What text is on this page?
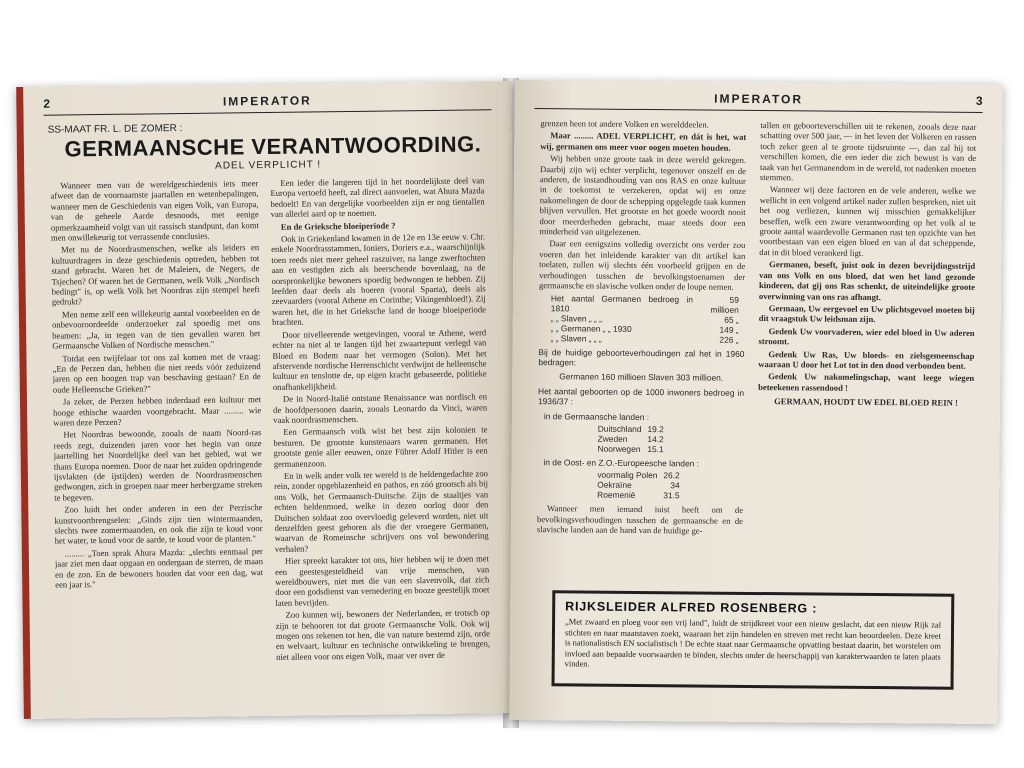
2	IMPERATOR
SS-MAAT FR. L. DE ZOMER :
GERMAANSCHE VERANTWOORDING.
ADEL VERPLICHT !

Wanneer men van de wereldgeschiedenis iets meer afweet dan de voornaamste jaartallen en wetenbepalingen, wanneer men de Geschiedenis van eigen Volk, van Europa, van de geheele Aarde desnoods, met eenige opmerkzaamheid volgt van uit rassisch standpunt, dan komt men onwillekeurig tot verrassende conclusies.

Met nu de Noordrasmenschen, welke als leiders en kultuurdragers in deze geschiedenis optreden, hebben tot stand gebracht. Waren het de Maleiers, de Negers, de Tsjechen? Of waren het de Germanen, welk Volk „Nordisch bedingt" is, op welk Volk het Noordras zijn stempel heeft gedrukt?

Men neme zelf een willekeurig aantal voorbeelden en de onbevooroordeelde onderzoeker zal spoedig met ons beamen: „Ja, in tegen van de tien gevallen waren het Germaansche Volken of Nordische menschen."

Totdat een twijfelaar tot ons zal komen met de vraag: „En de Perzen dan, hebben die niet reeds vóór zeduizend jaren op een hoogen trap van beschaving gestaan? En de oude Helleensche Grieken?"

Ja zeker, de Perzen hebben inderdaad een kultuur met hooge ethische waarden voortgebracht. Maar ......... wie waren deze Perzen?

Het Noordras bewoonde, zooals de naam Noord-ras reeds zegt, duizenden jaren voor het begin van onze jaartelling het Noordelijke deel van het gebied, wat we thans Europa noemen. Door de naar het zuiden opdringende ijsvlakten (de ijstijden) werden de Noordrasmenschen gedwongen, zich in groepen naar meer herbergzame streken te begeven.

Zoo luidt het onder anderen in een der Perzische kunstvoortbrengselen: „Ginds zijn tien wintermaanden, slechts twee zomermaanden, en ook die zijn te koud voor het water, te koud voor de aarde, te koud voor de planten."

......... „Toen sprak Ahura Mazda: „slechts eenmaal per jaar ziet men daar opgaan en ondergaan de sterren, de maan en de zon. En de bewoners houden dat voor een dag, wat een jaar is."

Een ieder die langeren tijd in het noordelijkste deel van Europa vertoefd heeft, zal direct aanvoelen, wat Ahura Mazda bedoelt! En van dergelijke voorbeelden zijn er nog tientallen van allerlei aard op te noemen.

En de Grieksche bloeiperiode ?

Ook in Griekenland kwamen in de 12e en 13e eeuw v. Chr. enkele Noordrasstammen, Ioniers, Doriers e.a., waarschijnlijk toen reeds niet meer geheel raszuiver, na lange zwerftochten aan en vestigden zich als heerschende bovenlaag, na de oorspronkelijke bewoners spoedig bedwongen te hebben. Zij leefden daar deels als boeren (vooral Sparta), deels als zeevaarders (vooral Athene en Corinthe; Vikingenbloed!). Zij waren het, die in het Grieksche land de hooge bloeiperiode brachten.

Door nivelleerende wetgevingen, vooral te Athene, werd echter na niet al te langen tijd het zwaartepunt verlegd van Bloed en Bodem naar het vermogen (Solon). Met het afstervende nordische Herrenschicht verdwijnt de helleensche kultuur en tenslotte de, op eigen kracht gebaseerde, politieke onafhankelijkheid.

De in Noord-Italië ontstane Renaissance was nordisch en de hoofdpersonen daarin, zooals Leonardo da Vinci, waren vaak noordrasmenschen.

Een Germaansch volk wist het best zijn kolonien te besturen. De grootste kunstenaars waren germanen. Het grootste genie aller eeuwen, onze Führer Adolf Hitler is een germanenzoon.

En in welk ander volk ter wereld is de heldengedachte zoo rein, zonder opgeblazenheid en pathos, en zóó grootsch als bij ons Volk, het Germaansch-Duitsche. Zijn de staaltjes van echten heldenmoed, welke in dezen oorlog door den Duitschen soldaat zoo overvloedig geleverd worden, niet uit denzelfden geest geboren als die der vroegere Germanen, waarvan de Romeinsche schrijvers ons vol bewondering verhalen?

Hier spreekt karakter tot ons, hier hebben wij te doen met een geestesgesteldheid van vrije menschen, van wereldbouwers, niet met die van een slavenvolk, dat zich door een godsdienst van vernedering en booze geestelijk moet laten bevrijden.

Zoo kunnen wij, bewoners der Nederlanden, er trotsch op zijn te behooren tot dat groote Germaansche Volk. Ook wij mogen ons rekenen tot hen, die van nature bestemd zijn, orde en welvaart, kultuur en technische ontwikkeling te brengen, niet alleen voor ons eigen Volk, maar ver over de

IMPERATOR	3

grenzen heen tot andere Volken en werelddeelen.

Maar ......... ADEL VERPLICHT, en dát is het, wat wij, germanen ons meer voor oogen moeten houden.

Wij hebben onze groote taak in deze wereld gekregen. Daarbij zijn wij echter verplicht, tegenover onszelf en de anderen, de instandhouding van ons RAS en onze kultuur in de toekomst te verzekeren, opdat wij en onze nakomelingen de door de schepping opgelegde taak kunnen blijven vervullen. Het grootste en het goede woordt nooit door meerderheden gebracht, maar steeds door een minderheid van uitgelezenen.

Daar een eenigszins volledig overzicht ons verder zou voeren dan het inleidende karakter van dit artikel kan toelaten, zullen wij slechts één voorbeeld grijpen en de verhoudingen tusschen de bevolkingstoenamen der germaansche en slavische volken onder de loupe nemen.

Het aantal Germanen bedroeg in 1810	59 millioen
„ „ Slaven „ „ „	65 „
„ „ Germanen „ „ 1930	149 „
„ „ Slaven „ „ „	226 „

Bij de huidige geboorteverhoudingen zal het in 1960 bedragen:

Germanen 160 millioen Slaven 303 millioen.

Het aantal geboorten op de 1000 inwoners bedroeg in 1936/37 :

in de Germaansche landen :

Duitschland	19.2
Zweden	14.2
Noorwegen	15.1

in de Oost- en Z.O.-Europeesche landen :

voormalig Polen	26.2
Oekraïne	34
Roemenië	31.5

Wanneer men iemand iuist heeft om de bevolkingsverhoudingen tusschen de germaansche en de slavische landen aan de hand van de huidige ge-

tallen en geboorteverschillen uit te rekenen, zooals deze naar schatting over 500 jaar, — in het leven der Volkeren en rassen toch zeker geen al te groote tijdsruimte —, dan zal hij tot verschillen komen, die een ieder die zich bewust is van de taak van het Germanendom in de wereld, tot nadenken moeten stemmen.

Wanneer wij deze factoren en de vele anderen, welke we wellicht in een volgend artikel nader zullen bespreken, niet uit het oog verliezen, kunnen wij misschien gemakkelijker beseffen, welk een zware verantwoording op het volk al te groote aantal waardevolle Germanen rust ten opzichte van het voortbestaan van een eigen bloed en van al dat scheppende, dat in dit bloed verankerd ligt.

Germanen, beseft, juist ook in dezen bevrijdingsstrijd van ons Volk en ons bloed, dat wen het land gezonde kinderen, dat gij ons Ras schenkt, de uiteindelijke groote overwinning van ons ras afhangt.

Germaan, Uw eergevoel en Uw plichtsgevoel moeten bij dit vraagstuk Uw leidsman zijn.

Gedenk Uw voorvaderen, wier edel bloed in Uw aderen stroomt.

Gedenk Uw Ras, Uw bloeds- en zielsgemeenschap waaraan U door het Lot tot in den dood verbonden bent.

Gedenk Uw nakomelingschap, want leege wiegen beteekenen rassendood !

GERMAAN, HOUDT UW EDEL BLOED REIN !

RIJKSLEIDER ALFRED ROSENBERG :
„Met zwaard en ploeg voor een vrij land", luidt de strijdkreet voor een nieuw geslacht, dat een nieuw Rijk zal stichten en naar maatstaven zoekt, waaraan het zijn handelen en streven met recht kan beoordeelen. Deze kreet is nationalistisch EN socialistisch ! De echte staat naar Germaansche opvatting bestaat daarin, het worstelen om invloed aan bepaalde voorwaarden te binden, slechts onder de heerschappij van karakterwaarden te laten plaats vinden.
